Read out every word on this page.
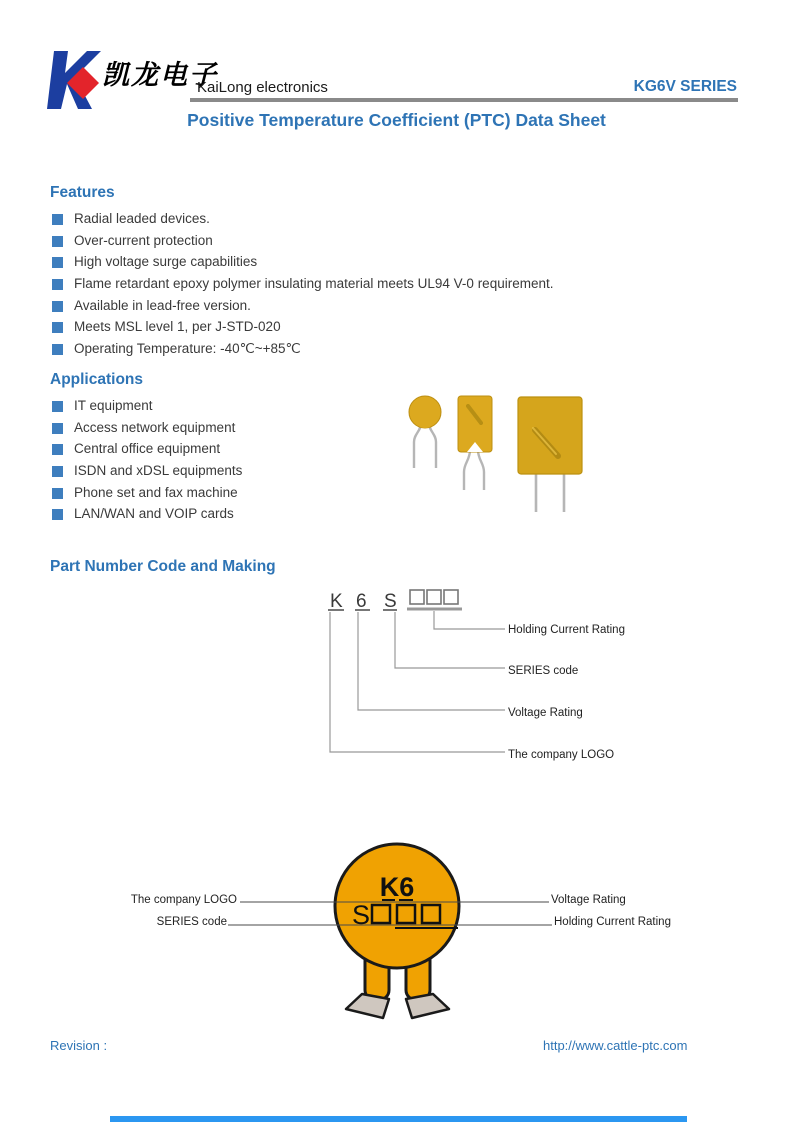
凯龙电子
KaiLong electronics	KG6V SERIES
Positive Temperature Coefficient (PTC) Data Sheet
Features
Radial leaded devices.
Over-current protection
High voltage surge capabilities
Flame retardant epoxy polymer insulating material meets UL94 V-0 requirement.
Available in lead-free version.
Meets MSL level 1, per J-STD-020
Operating Temperature: -40℃~+85℃
Applications
IT equipment
Access network equipment
Central office equipment
ISDN and xDSL equipments
Phone set and fax machine
LAN/WAN and VOIP cards
Part Number Code and Making
K 6 S
Holding Current Rating
SERIES code
Voltage Rating
The company LOGO
K6
S
The company LOGO
SERIES code
Voltage Rating
Holding Current Rating
Revision :	http://www.cattle-ptc.com
